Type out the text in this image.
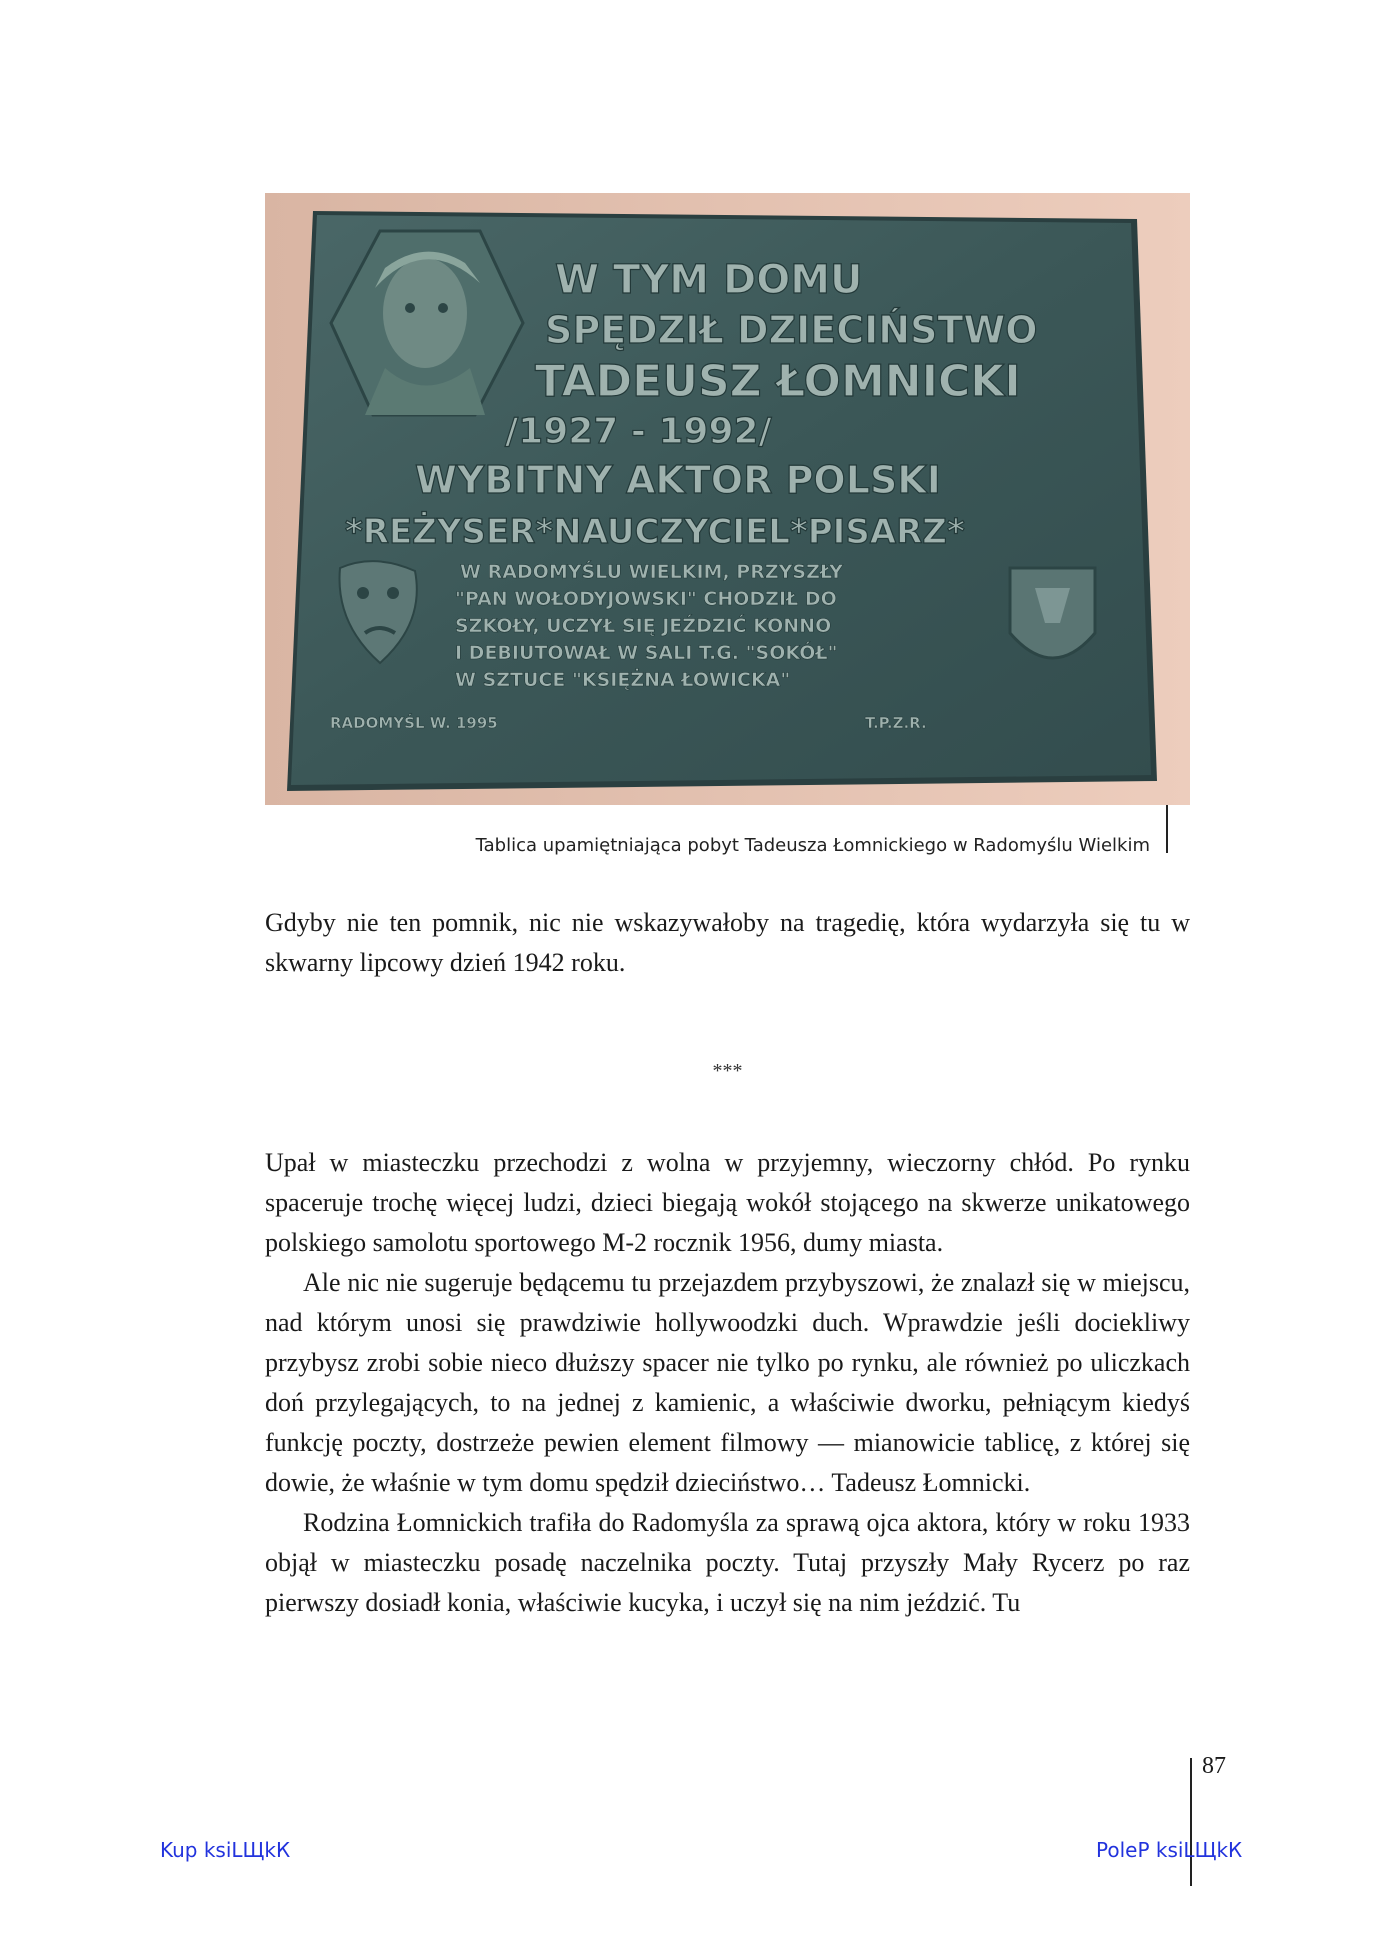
W TYM DOMU
SPĘDZIŁ DZIECIŃSTWO
TADEUSZ ŁOMNICKI
/1927 - 1992/
WYBITNY AKTOR POLSKI
*REŻYSER*NAUCZYCIEL*PISARZ*
W RADOMYŚLU WIELKIM, PRZYSZŁY
"PAN WOŁODYJOWSKI" CHODZIŁ DO
SZKOŁY, UCZYŁ SIĘ JEŹDZIĆ KONNO
I DEBIUTOWAŁ W SALI T.G. "SOKÓŁ"
W SZTUCE "KSIĘŻNA ŁOWICKA"
RADOMYŚL W. 1995	T.P.Z.R.
Tablica upamiętniająca pobyt Tadeusza Łomnickiego w Radomyślu Wielkim

Gdyby nie ten pomnik, nic nie wskazywałoby na tragedię, która wydarzyła się tu w skwarny lipcowy dzień 1942 roku.

***

Upał w miasteczku przechodzi z wolna w przyjemny, wieczorny chłód. Po rynku spaceruje trochę więcej ludzi, dzieci biegają wokół stojącego na skwerze unikatowego polskiego samolotu sportowego M-2 rocznik 1956, dumy miasta.

Ale nic nie sugeruje będącemu tu przejazdem przybyszowi, że znalazł się w miejscu, nad którym unosi się prawdziwie hollywoodzki duch. Wprawdzie jeśli dociekliwy przybysz zrobi sobie nieco dłuższy spacer nie tylko po rynku, ale również po uliczkach doń przylegających, to na jednej z kamienic, a właściwie dworku, pełniącym kiedyś funkcję poczty, dostrzeże pewien element filmowy — mianowicie tablicę, z której się dowie, że właśnie w tym domu spędził dzieciństwo… Tadeusz Łomnicki.

Rodzina Łomnickich trafiła do Radomyśla za sprawą ojca aktora, który w roku 1933 objął w miasteczku posadę naczelnika poczty. Tutaj przyszły Mały Rycerz po raz pierwszy dosiadł konia, właściwie kucyka, i uczył się na nim jeździć. Tu

87
Kup ksiLЩkК	PoleP ksiLЩkК
